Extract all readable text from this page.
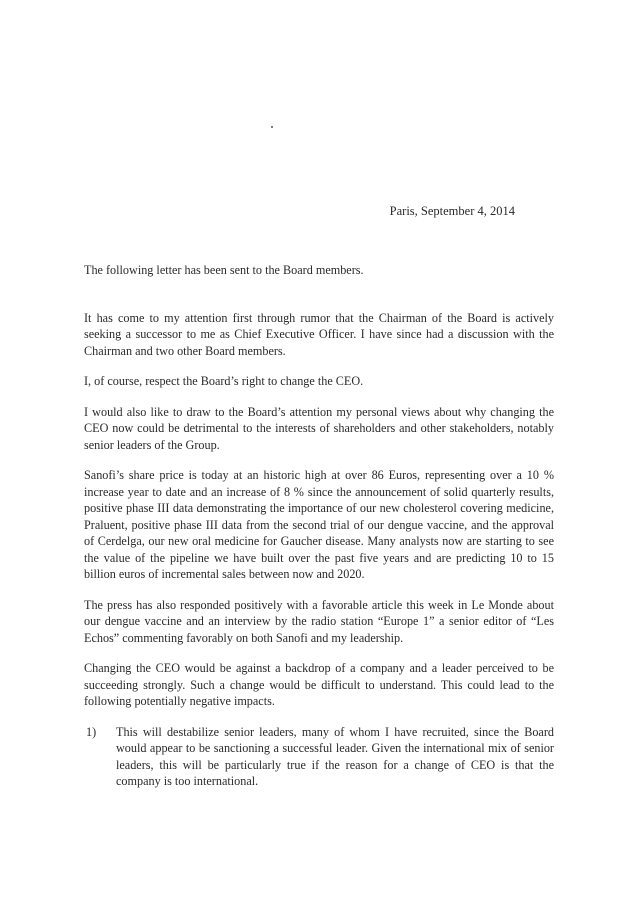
Paris, September 4, 2014

The following letter has been sent to the Board members.

It has come to my attention first through rumor that the Chairman of the Board is actively seeking a successor to me as Chief Executive Officer. I have since had a discussion with the Chairman and two other Board members.

I, of course, respect the Board’s right to change the CEO.

I would also like to draw to the Board’s attention my personal views about why changing the CEO now could be detrimental to the interests of shareholders and other stakeholders, notably senior leaders of the Group.

Sanofi’s share price is today at an historic high at over 86 Euros, representing over a 10 % increase year to date and an increase of 8 % since the announcement of solid quarterly results, positive phase III data demonstrating the importance of our new cholesterol covering medicine, Praluent, positive phase III data from the second trial of our dengue vaccine, and the approval of Cerdelga, our new oral medicine for Gaucher disease. Many analysts now are starting to see the value of the pipeline we have built over the past five years and are predicting 10 to 15 billion euros of incremental sales between now and 2020.

The press has also responded positively with a favorable article this week in Le Monde about our dengue vaccine and an interview by the radio station “Europe 1” a senior editor of “Les Echos” commenting favorably on both Sanofi and my leadership.

Changing the CEO would be against a backdrop of a company and a leader perceived to be succeeding strongly. Such a change would be difficult to understand. This could lead to the following potentially negative impacts.

1)	This will destabilize senior leaders, many of whom I have recruited, since the Board would appear to be sanctioning a successful leader. Given the international mix of senior leaders, this will be particularly true if the reason for a change of CEO is that the company is too international.
